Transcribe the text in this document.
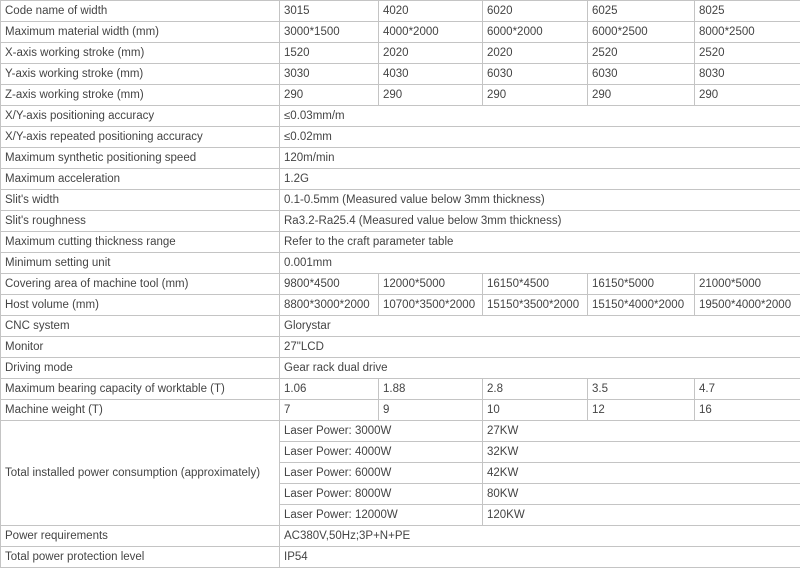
Code name of width	3015	4020	6020	6025	8025
Maximum material width (mm)	3000*1500	4000*2000	6000*2000	6000*2500	8000*2500
X-axis working stroke (mm)	1520	2020	2020	2520	2520
Y-axis working stroke (mm)	3030	4030	6030	6030	8030
Z-axis working stroke (mm)	290	290	290	290	290
X/Y-axis positioning accuracy	≤0.03mm/m				
X/Y-axis repeated positioning accuracy	≤0.02mm				
Maximum synthetic positioning speed	120m/min				
Maximum acceleration	1.2G				
Slit's width	0.1-0.5mm (Measured value below 3mm thickness)				
Slit's roughness	Ra3.2-Ra25.4 (Measured value below 3mm thickness)				
Maximum cutting thickness range	Refer to the craft parameter table				
Minimum setting unit	0.001mm				
Covering area of machine tool (mm)	9800*4500	12000*5000	16150*4500	16150*5000	21000*5000
Host volume (mm)	8800*3000*2000	10700*3500*2000	15150*3500*2000	15150*4000*2000	19500*4000*2000
CNC system	Glorystar				
Monitor	27"LCD				
Driving mode	Gear rack dual drive				
Maximum bearing capacity of worktable (T)	1.06	1.88	2.8	3.5	4.7
Machine weight (T)	7	9	10	12	16
Total installed power consumption (approximately)	Laser Power: 3000W		27KW		
	Laser Power: 4000W		32KW		
	Laser Power: 6000W		42KW		
	Laser Power: 8000W		80KW		
	Laser Power: 12000W		120KW		
Power requirements	AC380V,50Hz;3P+N+PE				
Total power protection level	IP54				
